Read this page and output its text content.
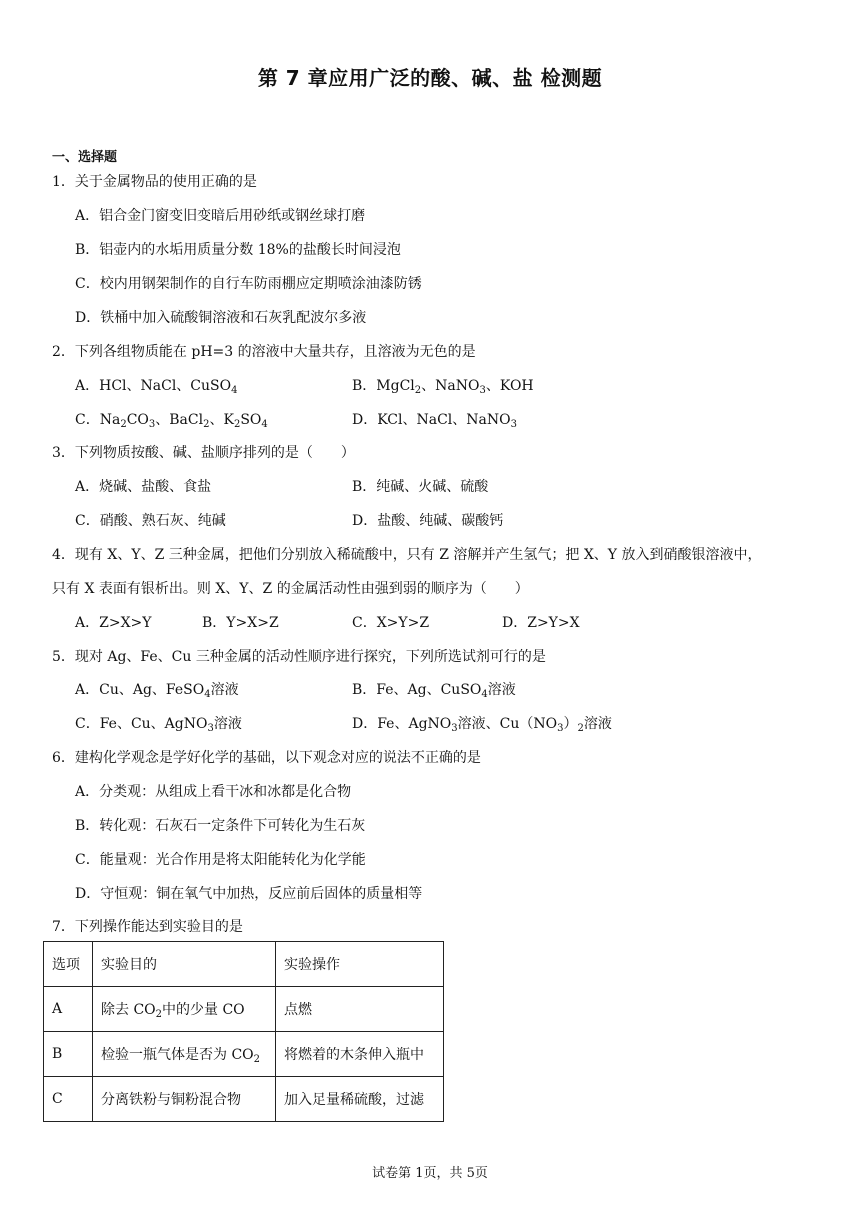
第 7 章应用广泛的酸、碱、盐 检测题
一、选择题
1．关于金属物品的使用正确的是
A．铝合金门窗变旧变暗后用砂纸或钢丝球打磨
B．铝壶内的水垢用质量分数 18%的盐酸长时间浸泡
C．校内用钢架制作的自行车防雨棚应定期喷涂油漆防锈
D．铁桶中加入硫酸铜溶液和石灰乳配波尔多液
2．下列各组物质能在 pH=3 的溶液中大量共存，且溶液为无色的是
A．HCl、NaCl、CuSO$_4$	B．MgCl$_2$、NaNO$_3$、KOH
C．$Na_2CO_3$、BaCl$_2$、$K_2SO_4$	D．KCl、NaCl、NaNO$_3$
3．下列物质按酸、碱、盐顺序排列的是（　　）
A．烧碱、盐酸、食盐	B．纯碱、火碱、硫酸
C．硝酸、熟石灰、纯碱	D．盐酸、纯碱、碳酸钙
4．现有 X、Y、Z 三种金属，把他们分别放入稀硫酸中，只有 Z 溶解并产生氢气；把 X、Y 放入到硝酸银溶液中，
只有 X 表面有银析出。则 X、Y、Z 的金属活动性由强到弱的顺序为（　　）
A．Z>X>Y	B．Y>X>Z	C．X>Y>Z	D．Z>Y>X
5．现对 Ag、Fe、Cu 三种金属的活动性顺序进行探究，下列所选试剂可行的是
A．Cu、Ag、FeSO$_4$溶液	B．Fe、Ag、CuSO$_4$溶液
C．Fe、Cu、AgNO$_3$溶液	D．Fe、AgNO$_3$溶液、$Cu(NO_3)_2$溶液
6．建构化学观念是学好化学的基础，以下观念对应的说法不正确的是
A．分类观：从组成上看干冰和冰都是化合物
B．转化观：石灰石一定条件下可转化为生石灰
C．能量观：光合作用是将太阳能转化为化学能
D．守恒观：铜在氧气中加热，反应前后固体的质量相等
7．下列操作能达到实验目的是
选项	实验目的	实验操作
A	除去 $CO_2$中的少量 CO	点燃
B	检验一瓶气体是否为 $CO_2$	将燃着的木条伸入瓶中
C	分离铁粉与铜粉混合物	加入足量稀硫酸，过滤
试卷第 1页，共 5页
